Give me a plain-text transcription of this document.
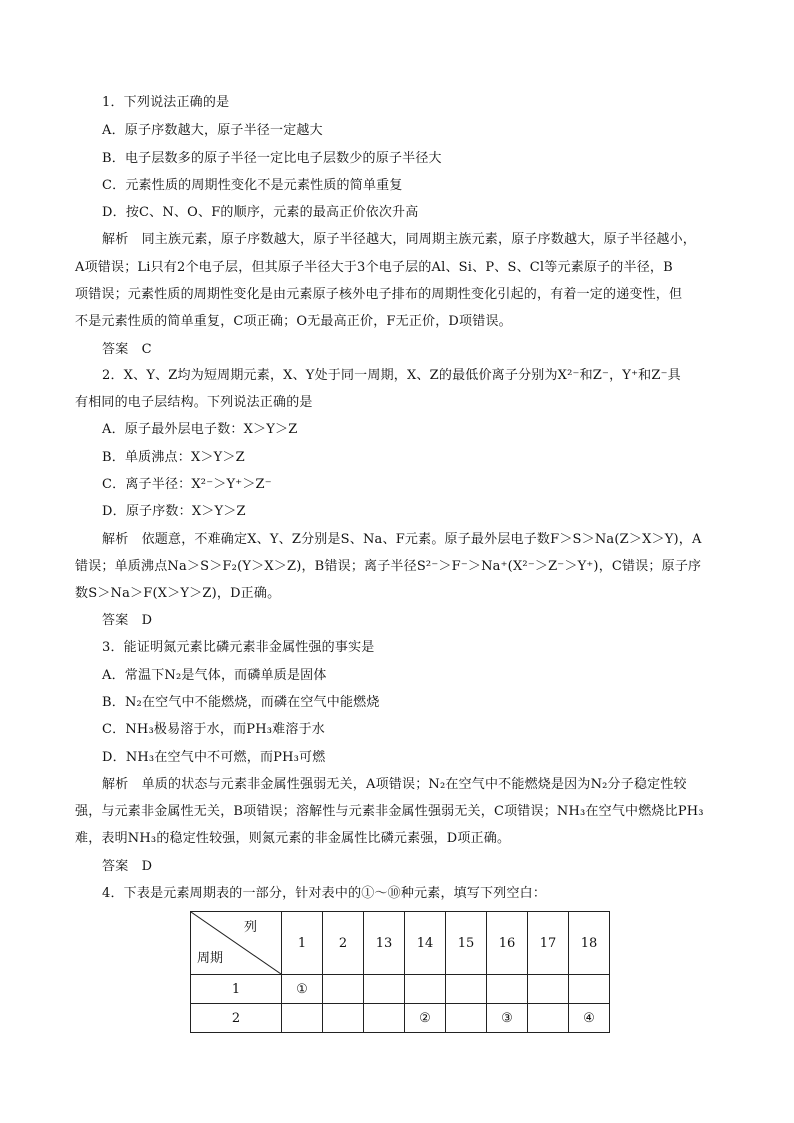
1．下列说法正确的是
A．原子序数越大，原子半径一定越大
B．电子层数多的原子半径一定比电子层数少的原子半径大
C．元素性质的周期性变化不是元素性质的简单重复
D．按C、N、O、F的顺序，元素的最高正价依次升高
解析　同主族元素，原子序数越大，原子半径越大，同周期主族元素，原子序数越大，原子半径越小，
A项错误；Li只有2个电子层，但其原子半径大于3个电子层的Al、Si、P、S、Cl等元素原子的半径，B
项错误；元素性质的周期性变化是由元素原子核外电子排布的周期性变化引起的，有着一定的递变性，但
不是元素性质的简单重复，C项正确；O无最高正价，F无正价，D项错误。
答案　C
2．X、Y、Z均为短周期元素，X、Y处于同一周期，X、Z的最低价离子分别为X²⁻和Z⁻，Y⁺和Z⁻具
有相同的电子层结构。下列说法正确的是
A．原子最外层电子数：X＞Y＞Z
B．单质沸点：X＞Y＞Z
C．离子半径：X²⁻＞Y⁺＞Z⁻
D．原子序数：X＞Y＞Z
解析　依题意，不难确定X、Y、Z分别是S、Na、F元素。原子最外层电子数F＞S＞Na(Z＞X＞Y)，A
错误；单质沸点Na＞S＞F₂(Y＞X＞Z)，B错误；离子半径S²⁻＞F⁻＞Na⁺(X²⁻＞Z⁻＞Y⁺)，C错误；原子序
数S＞Na＞F(X＞Y＞Z)，D正确。
答案　D
3．能证明氮元素比磷元素非金属性强的事实是
A．常温下N₂是气体，而磷单质是固体
B．N₂在空气中不能燃烧，而磷在空气中能燃烧
C．NH₃极易溶于水，而PH₃难溶于水
D．NH₃在空气中不可燃，而PH₃可燃
解析　单质的状态与元素非金属性强弱无关，A项错误；N₂在空气中不能燃烧是因为N₂分子稳定性较
强，与元素非金属性无关，B项错误；溶解性与元素非金属性强弱无关，C项错误；NH₃在空气中燃烧比PH₃
难，表明NH₃的稳定性较强，则氮元素的非金属性比磷元素强，D项正确。
答案　D
4．下表是元素周期表的一部分，针对表中的①～⑩种元素，填写下列空白：
列
周期	1	2	13	14	15	16	17	18
1	①							
2				②		③		④
